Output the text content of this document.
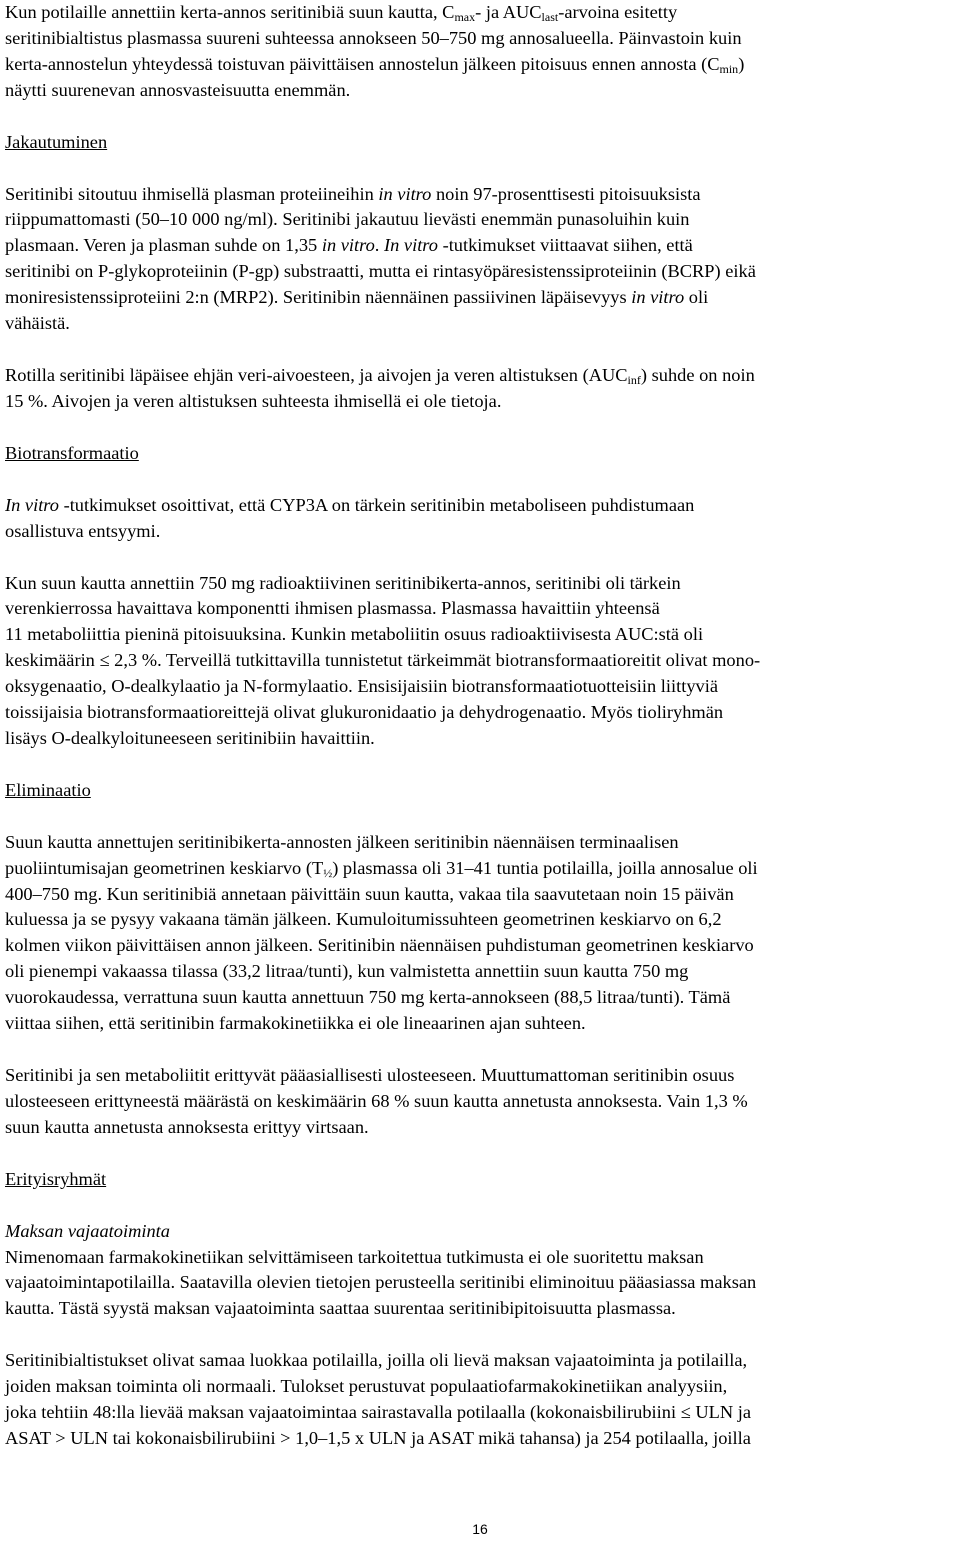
Kun potilaille annettiin kerta-annos seritinibiä suun kautta, $C_{max}-$ ja $AUC_{last}$-arvoina esitetty
seritinibialtistus plasmassa suureni suhteessa annokseen 50–750 mg annosalueella. Päinvastoin kuin
kerta-annostelun yhteydessä toistuvan päivittäisen annostelun jälkeen pitoisuus ennen annosta $(C_{min})$
näytti suurenevan annosvasteisuutta enemmän.

Jakautuminen

Seritinibi sitoutuu ihmisellä plasman proteiineihin in vitro noin 97-prosenttisesti pitoisuuksista
riippumattomasti (50–10 000 ng/ml). Seritinibi jakautuu lievästi enemmän punasoluihin kuin
plasmaan. Veren ja plasman suhde on 1,35 in vitro. In vitro -tutkimukset viittaavat siihen, että
seritinibi on P-glykoproteiinin (P-gp) substraatti, mutta ei rintasyöpäresistenssiproteiinin (BCRP) eikä
moniresistenssiproteiini 2:n (MRP2). Seritinibin näennäinen passiivinen läpäisevyys in vitro oli
vähäistä.

Rotilla seritinibi läpäisee ehjän veri-aivoesteen, ja aivojen ja veren altistuksen $(AUC_{inf})$ suhde on noin
15 %. Aivojen ja veren altistuksen suhteesta ihmisellä ei ole tietoja.

Biotransformaatio

In vitro -tutkimukset osoittivat, että CYP3A on tärkein seritinibin metaboliseen puhdistumaan
osallistuva entsyymi.

Kun suun kautta annettiin 750 mg radioaktiivinen seritinibikerta-annos, seritinibi oli tärkein
verenkierrossa havaittava komponentti ihmisen plasmassa. Plasmassa havaittiin yhteensä
11 metaboliittia pieninä pitoisuuksina. Kunkin metaboliitin osuus radioaktiivisesta AUC:stä oli
keskimäärin ≤ 2,3 %. Terveillä tutkittavilla tunnistetut tärkeimmät biotransformaatioreitit olivat mono-
oksygenaatio, O-dealkylaatio ja N-formylaatio. Ensisijaisiin biotransformaatiotuotteisiin liittyviä
toissijaisia biotransformaatioreittejä olivat glukuronidaatio ja dehydrogenaatio. Myös tioliryhmän
lisäys O-dealkyloituneeseen seritinibiin havaittiin.

Eliminaatio

Suun kautta annettujen seritinibikerta-annosten jälkeen seritinibin näennäisen terminaalisen
puoliintumisajan geometrinen keskiarvo $(T_{\frac{1}{2}})$ plasmassa oli 31–41 tuntia potilailla, joilla annosalue oli
400–750 mg. Kun seritinibiä annetaan päivittäin suun kautta, vakaa tila saavutetaan noin 15 päivän
kuluessa ja se pysyy vakaana tämän jälkeen. Kumuloitumissuhteen geometrinen keskiarvo on 6,2
kolmen viikon päivittäisen annon jälkeen. Seritinibin näennäisen puhdistuman geometrinen keskiarvo
oli pienempi vakaassa tilassa (33,2 litraa/tunti), kun valmistetta annettiin suun kautta 750 mg
vuorokaudessa, verrattuna suun kautta annettuun 750 mg kerta-annokseen (88,5 litraa/tunti). Tämä
viittaa siihen, että seritinibin farmakokinetiikka ei ole lineaarinen ajan suhteen.

Seritinibi ja sen metaboliitit erittyvät pääasiallisesti ulosteeseen. Muuttumattoman seritinibin osuus
ulosteeseen erittyneestä määrästä on keskimäärin 68 % suun kautta annetusta annoksesta. Vain 1,3 %
suun kautta annetusta annoksesta erittyy virtsaan.

Erityisryhmät

Maksan vajaatoiminta

Nimenomaan farmakokinetiikan selvittämiseen tarkoitettua tutkimusta ei ole suoritettu maksan
vajaatoimintapotilailla. Saatavilla olevien tietojen perusteella seritinibi eliminoituu pääasiassa maksan
kautta. Tästä syystä maksan vajaatoiminta saattaa suurentaa seritinibipitoisuutta plasmassa.

Seritinibialtistukset olivat samaa luokkaa potilailla, joilla oli lievä maksan vajaatoiminta ja potilailla,
joiden maksan toiminta oli normaali. Tulokset perustuvat populaatiofarmakokinetiikan analyysiin,
joka tehtiin 48:lla lievää maksan vajaatoimintaa sairastavalla potilaalla (kokonaisbilirubiini ≤ ULN ja
ASAT > ULN tai kokonaisbilirubiini > 1,0–1,5 x ULN ja ASAT mikä tahansa) ja 254 potilaalla, joilla

16
